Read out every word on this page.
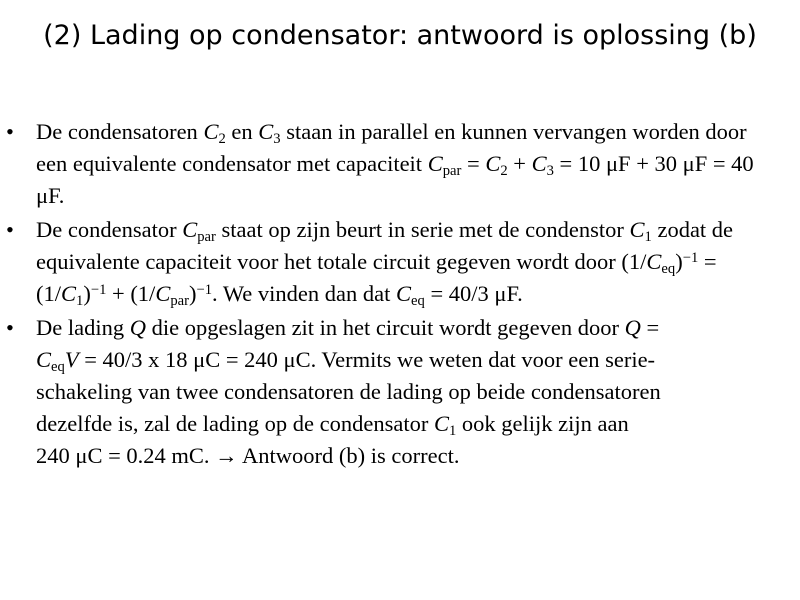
(2) Lading op condensator: antwoord is oplossing (b)
• De condensatoren $C_2$ en $C_3$ staan in parallel en kunnen vervangen worden door een equivalente condensator met capaciteit $C_{par} = C_2 + C_3 = 10$ μF + 30 μF = 40 μF.
• De condensator $C_{par}$ staat op zijn beurt in serie met de condenstor $C_1$ zodat de equivalente capaciteit voor het totale circuit gegeven wordt door $(1/C_{eq})^{-1} = (1/C_1)^{-1} + (1/C_{par})^{-1}$. We vinden dan dat $C_{eq} = 40/3$ μF.
• De lading Q die opgeslagen zit in het circuit wordt gegeven door Q =
$C_{eq}V = 40/3$ x 18 μC = 240 μC. Vermits we weten dat voor een serie-
schakeling van twee condensatoren de lading op beide condensatoren
dezelfde is, zal de lading op de condensator $C_1$ ook gelijk zijn aan
240 μC = 0.24 mC. → Antwoord (b) is correct.
